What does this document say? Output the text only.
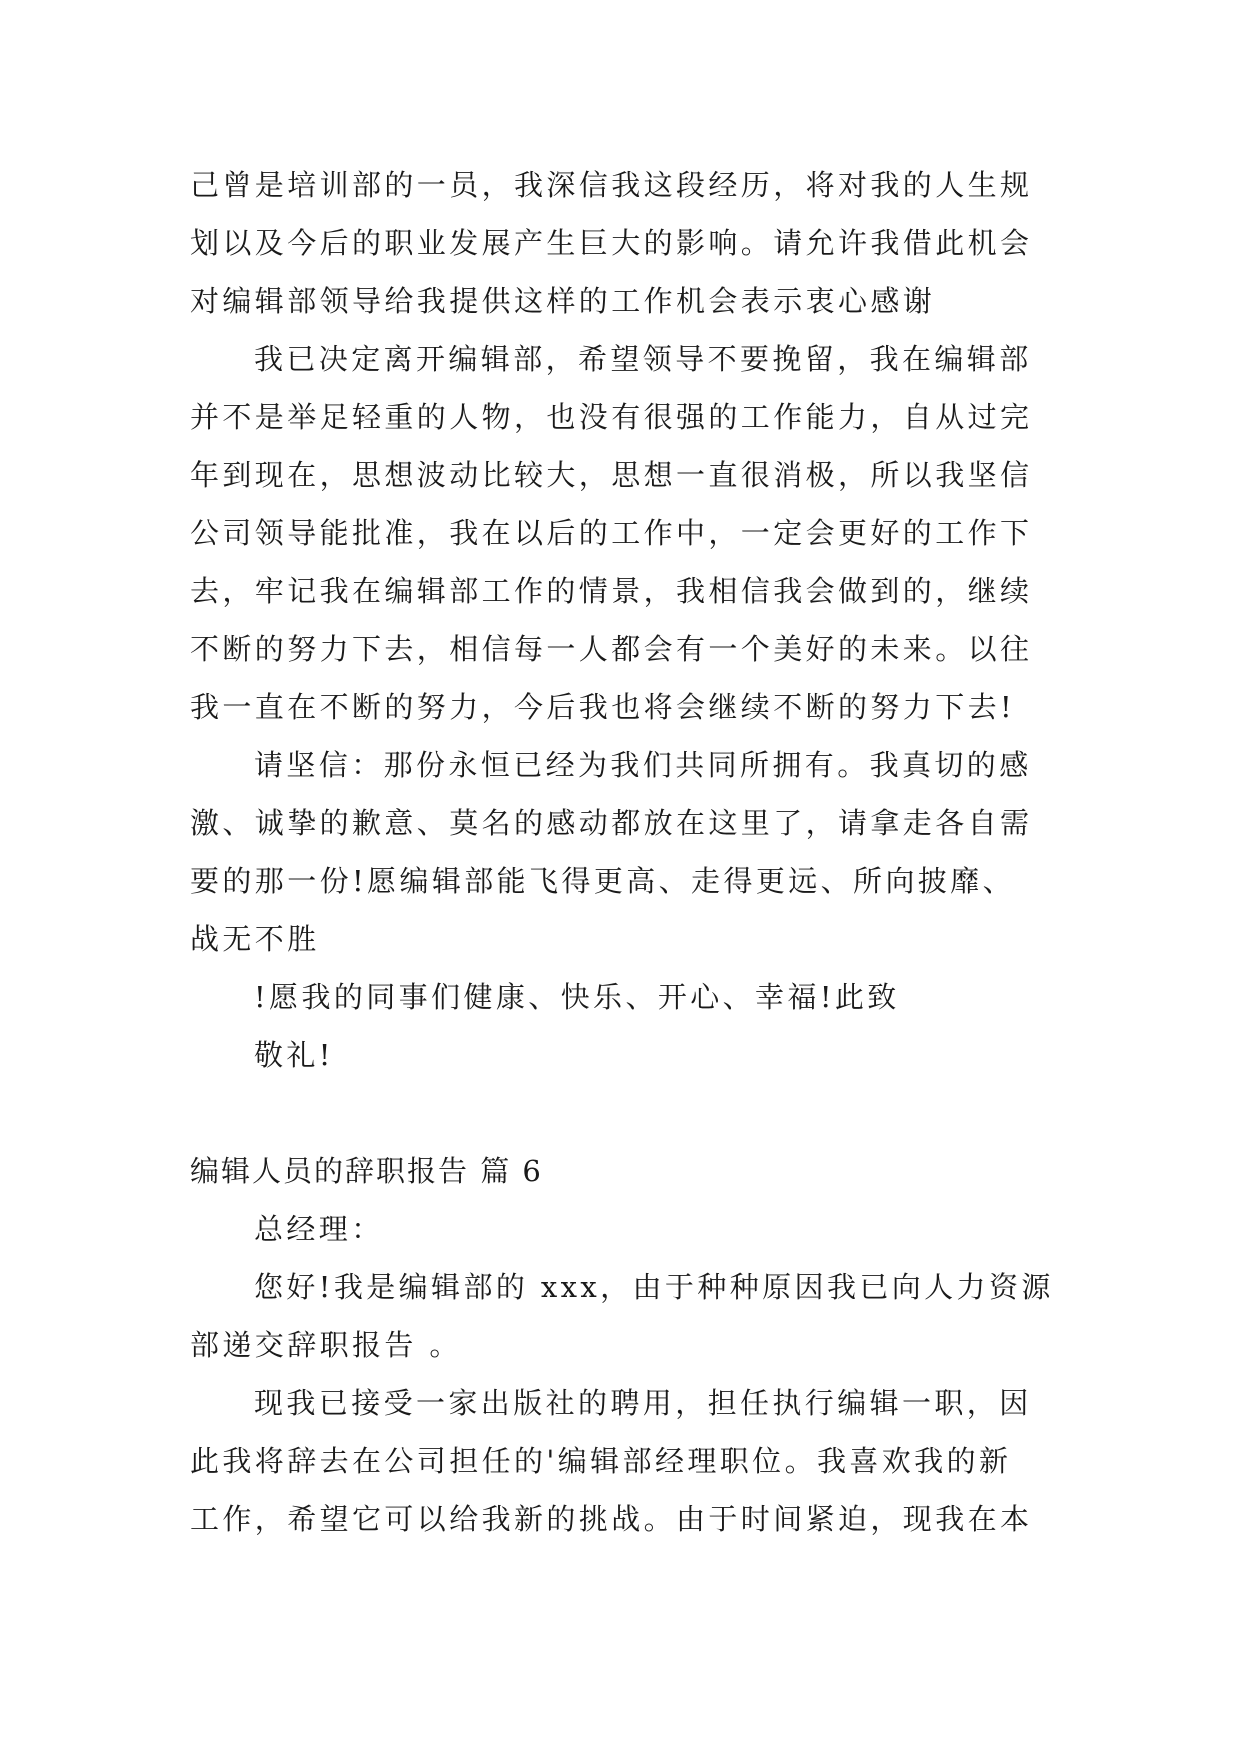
己曾是培训部的一员，我深信我这段经历，将对我的人生规
划以及今后的职业发展产生巨大的影响。请允许我借此机会
对编辑部领导给我提供这样的工作机会表示衷心感谢
我已决定离开编辑部，希望领导不要挽留，我在编辑部
并不是举足轻重的人物，也没有很强的工作能力，自从过完
年到现在，思想波动比较大，思想一直很消极，所以我坚信
公司领导能批准，我在以后的工作中，一定会更好的工作下
去，牢记我在编辑部工作的情景，我相信我会做到的，继续
不断的努力下去，相信每一人都会有一个美好的未来。以往
我一直在不断的努力，今后我也将会继续不断的努力下去!
请坚信：那份永恒已经为我们共同所拥有。我真切的感
激、诚挚的歉意、莫名的感动都放在这里了，请拿走各自需
要的那一份!愿编辑部能飞得更高、走得更远、所向披靡、
战无不胜
!愿我的同事们健康、快乐、开心、幸福!此致
敬礼!
编辑人员的辞职报告 篇 6
总经理：
您好!我是编辑部的 xxx，由于种种原因我已向人力资源
部递交辞职报告 。
现我已接受一家出版社的聘用，担任执行编辑一职，因
此我将辞去在公司担任的'编辑部经理职位。我喜欢我的新
工作，希望它可以给我新的挑战。由于时间紧迫，现我在本
